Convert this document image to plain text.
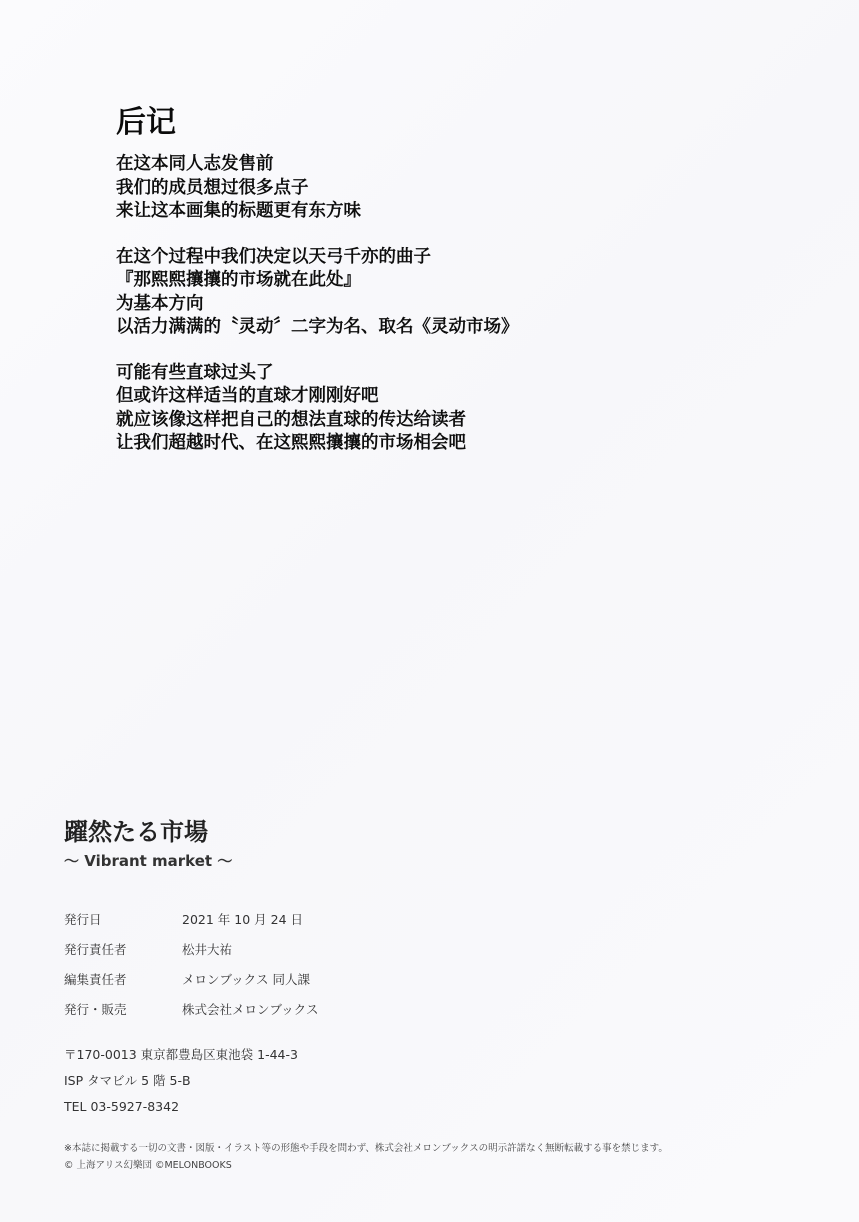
后记
在这本同人志发售前
我们的成员想过很多点子
来让这本画集的标题更有东方味
在这个过程中我们决定以天弓千亦的曲子
『那熙熙攘攘的市场就在此处』
为基本方向
以活力满满的〝灵动〞二字为名、取名《灵动市场》
可能有些直球过头了
但或许这样适当的直球才刚刚好吧
就应该像这样把自己的想法直球的传达给读者
让我们超越时代、在这熙熙攘攘的市场相会吧
躍然たる市場
〜 Vibrant market 〜
発行日	2021 年 10 月 24 日
発行責任者	松井大祐
編集責任者	メロンブックス 同人課
発行・販売	株式会社メロンブックス
〒170-0013 東京都豊島区東池袋 1-44-3
ISP タマビル 5 階 5-B
TEL 03-5927-8342
※本誌に掲載する一切の文書・図版・イラスト等の形態や手段を問わず、株式会社メロンブックスの明示許諾なく無断転載する事を禁じます。
© 上海アリス幻樂団 ©MELONBOOKS
